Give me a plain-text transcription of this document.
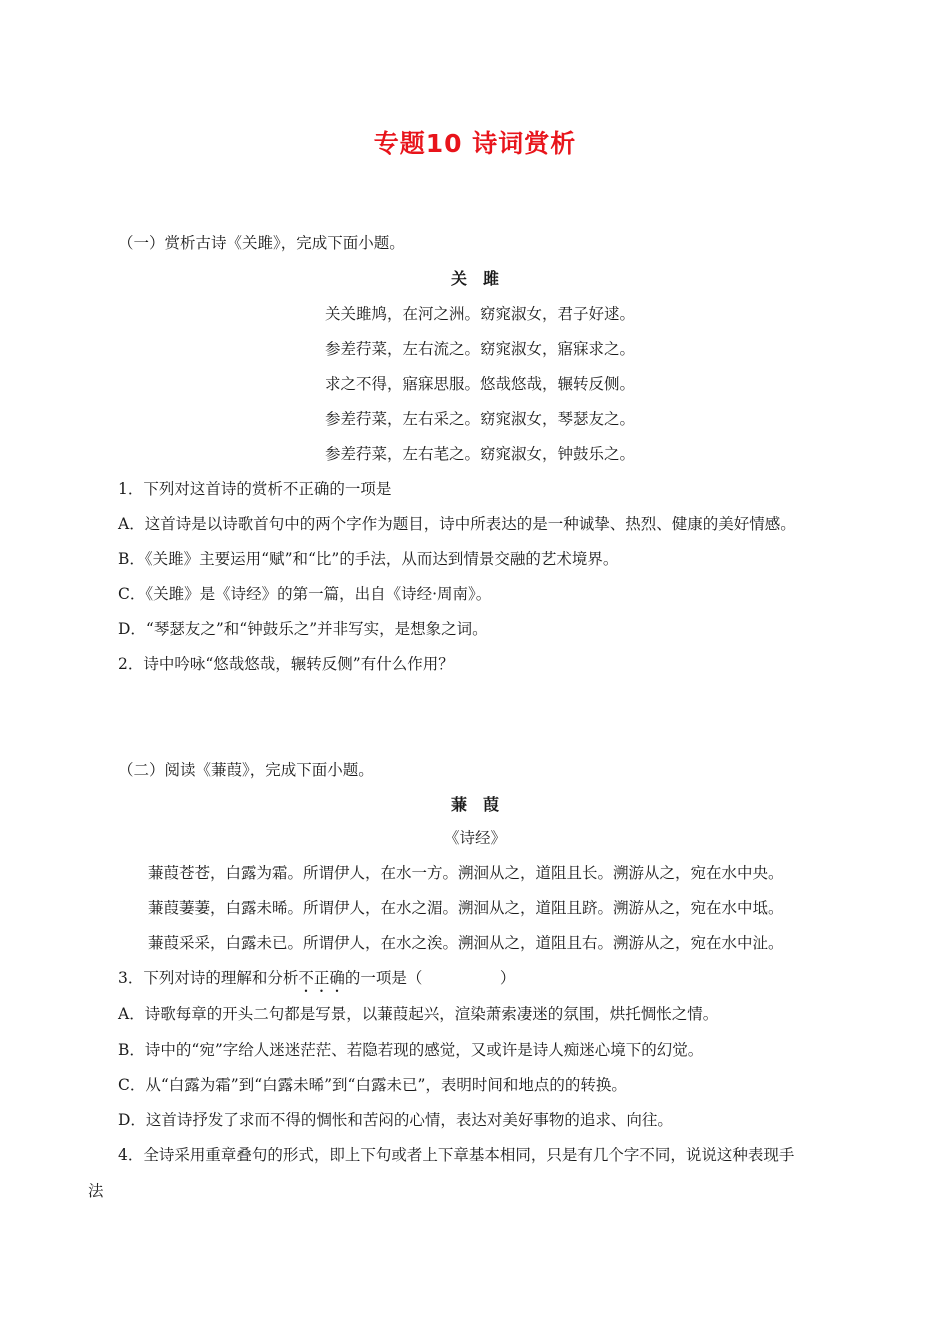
专题10 诗词赏析
（一）赏析古诗《关雎》，完成下面小题。
关　雎
关关雎鸠，在河之洲。窈窕淑女，君子好逑。
参差荇菜，左右流之。窈窕淑女，寤寐求之。
求之不得，寤寐思服。悠哉悠哉，辗转反侧。
参差荇菜，左右采之。窈窕淑女，琴瑟友之。
参差荇菜，左右芼之。窈窕淑女，钟鼓乐之。
1．下列对这首诗的赏析不正确的一项是
A．这首诗是以诗歌首句中的两个字作为题目，诗中所表达的是一种诚挚、热烈、健康的美好情感。
B．《关雎》主要运用“赋”和“比”的手法，从而达到情景交融的艺术境界。
C．《关雎》是《诗经》的第一篇，出自《诗经·周南》。
D．“琴瑟友之”和“钟鼓乐之”并非写实，是想象之词。
2．诗中吟咏“悠哉悠哉，辗转反侧”有什么作用？
（二）阅读《蒹葭》，完成下面小题。
蒹　葭
《诗经》
蒹葭苍苍，白露为霜。所谓伊人，在水一方。溯洄从之，道阻且长。溯游从之，宛在水中央。
蒹葭萋萋，白露未晞。所谓伊人，在水之湄。溯洄从之，道阻且跻。溯游从之，宛在水中坻。
蒹葭采采，白露未已。所谓伊人，在水之涘。溯洄从之，道阻且右。溯游从之，宛在水中沚。
3．下列对诗的理解和分析不正确的一项是（　　　　　）
A．诗歌每章的开头二句都是写景，以蒹葭起兴，渲染萧索凄迷的氛围，烘托惆怅之情。
B．诗中的“宛”字给人迷迷茫茫、若隐若现的感觉，又或许是诗人痴迷心境下的幻觉。
C．从“白露为霜”到“白露未晞”到“白露未已”，表明时间和地点的的转换。
D．这首诗抒发了求而不得的惆怅和苦闷的心情，表达对美好事物的追求、向往。
4．全诗采用重章叠句的形式，即上下句或者上下章基本相同，只是有几个字不同，说说这种表现手
法
